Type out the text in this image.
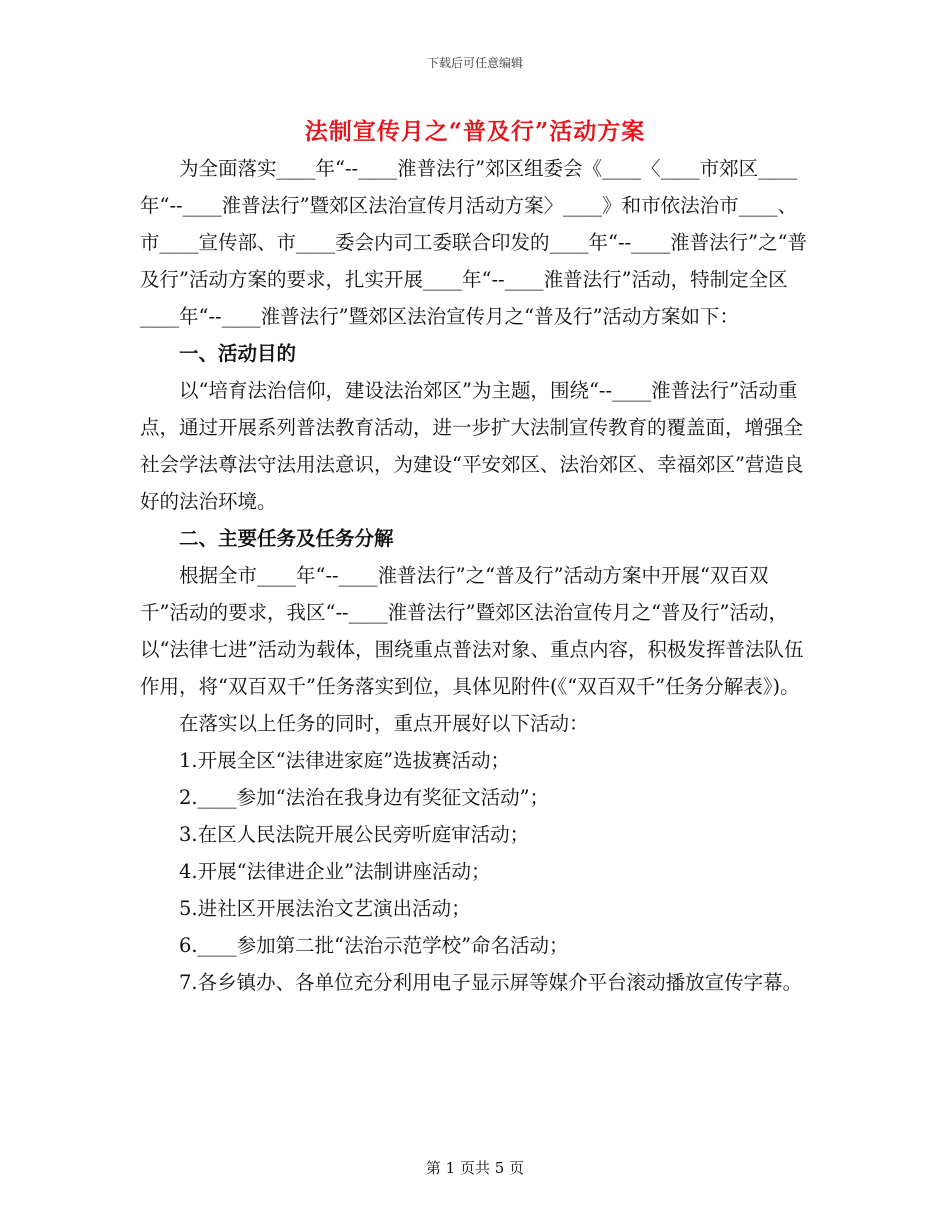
下载后可任意编辑
法制宣传月之“普及行”活动方案

为全面落实____年“--____淮普法行”郊区组委会《____〈____市郊区____年“--____淮普法行”暨郊区法治宣传月活动方案〉____》和市依法治市____、市____宣传部、市____委会内司工委联合印发的____年“--____淮普法行”之“普及行”活动方案的要求，扎实开展____年“--____淮普法行”活动，特制定全区____年“--____淮普法行”暨郊区法治宣传月之“普及行”活动方案如下：

一、活动目的

以“培育法治信仰，建设法治郊区”为主题，围绕“--____淮普法行”活动重点，通过开展系列普法教育活动，进一步扩大法制宣传教育的覆盖面，增强全社会学法尊法守法用法意识，为建设“平安郊区、法治郊区、幸福郊区”营造良好的法治环境。

二、主要任务及任务分解

根据全市____年“--____淮普法行”之“普及行”活动方案中开展“双百双千”活动的要求，我区“--____淮普法行”暨郊区法治宣传月之“普及行”活动，以“法律七进”活动为载体，围绕重点普法对象、重点内容，积极发挥普法队伍作用，将“双百双千”任务落实到位，具体见附件(《“双百双千”任务分解表》)。

在落实以上任务的同时，重点开展好以下活动：

1.开展全区“法律进家庭”选拔赛活动；

2.____参加“法治在我身边有奖征文活动”；

3.在区人民法院开展公民旁听庭审活动；

4.开展“法律进企业”法制讲座活动；

5.进社区开展法治文艺演出活动；

6.____参加第二批“法治示范学校”命名活动；

7.各乡镇办、各单位充分利用电子显示屏等媒介平台滚动播放宣传字幕。

第 1 页共 5 页
